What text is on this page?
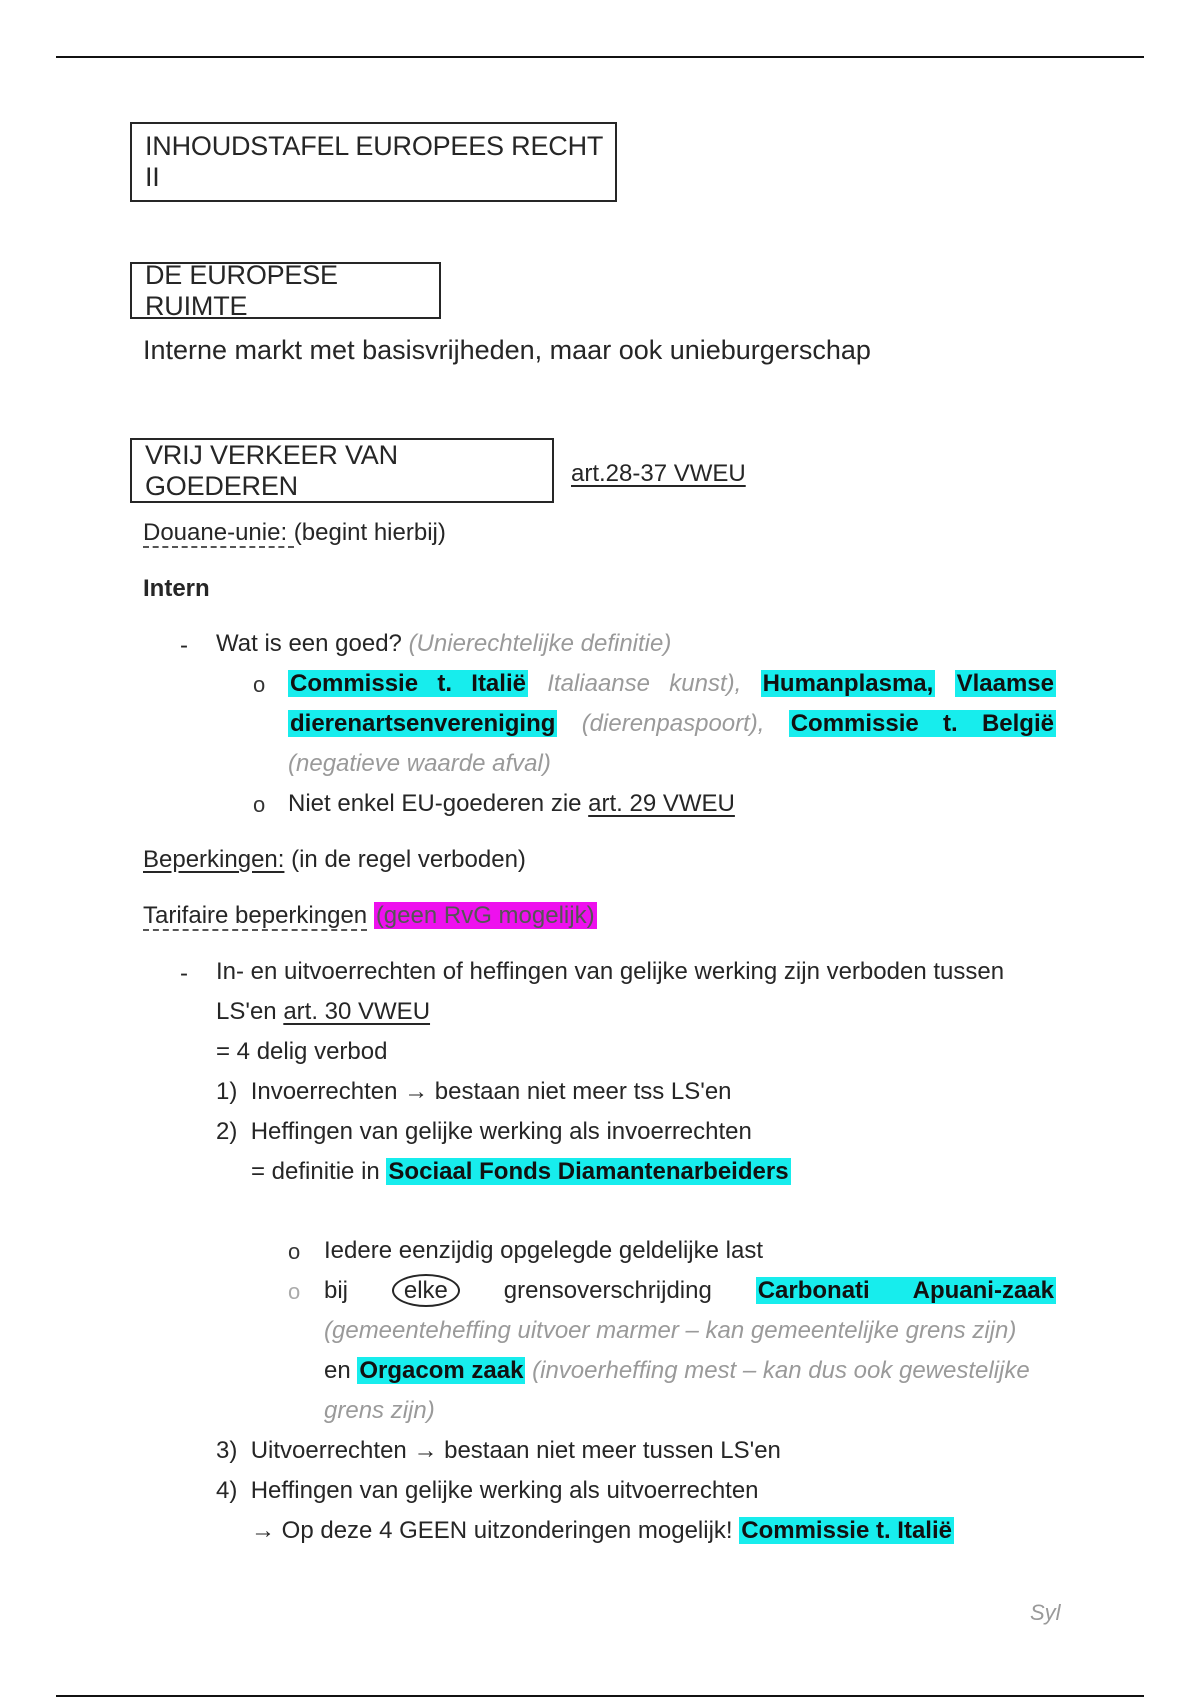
INHOUDSTAFEL EUROPEES RECHT II
DE EUROPESE RUIMTE
Interne markt met basisvrijheden, maar ook unieburgerschap
VRIJ VERKEER VAN GOEDEREN	art.28-37 VWEU
Douane-unie: (begint hierbij)
Intern
- Wat is een goed? (Unierechtelijke definitie)
o Commissie t. Italië Italiaanse kunst), Humanplasma, Vlaamse
dierenartsenvereniging (dierenpaspoort), Commissie t. België
(negatieve waarde afval)
o Niet enkel EU-goederen zie art. 29 VWEU
Beperkingen: (in de regel verboden)
Tarifaire beperkingen (geen RvG mogelijk)
- In- en uitvoerrechten of heffingen van gelijke werking zijn verboden tussen
LS'en art. 30 VWEU
= 4 delig verbod
1) Invoerrechten → bestaan niet meer tss LS'en
2) Heffingen van gelijke werking als invoerrechten
= definitie in Sociaal Fonds Diamantenarbeiders
o Iedere eenzijdig opgelegde geldelijke last
o bij elke grensoverschrijding Carbonati Apuani-zaak
(gemeenteheffing uitvoer marmer – kan gemeentelijke grens zijn)
en Orgacom zaak (invoerheffing mest – kan dus ook gewestelijke
grens zijn)
3) Uitvoerrechten → bestaan niet meer tussen LS'en
4) Heffingen van gelijke werking als uitvoerrechten
→ Op deze 4 GEEN uitzonderingen mogelijk! Commissie t. Italië
Syl
